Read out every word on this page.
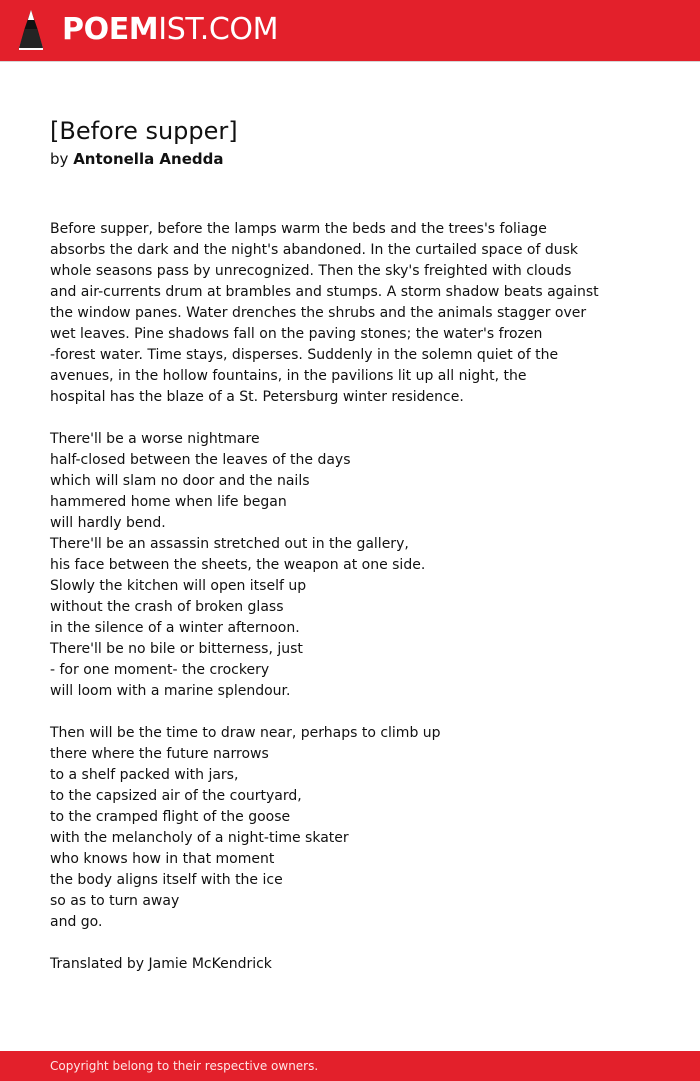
POEMIST.COM
[Before supper]

by Antonella Anedda

Before supper, before the lamps warm the beds and the trees's foliage
absorbs the dark and the night's abandoned. In the curtailed space of dusk
whole seasons pass by unrecognized. Then the sky's freighted with clouds
and air-currents drum at brambles and stumps. A storm shadow beats against
the window panes. Water drenches the shrubs and the animals stagger over
wet leaves. Pine shadows fall on the paving stones; the water's frozen
-forest water. Time stays, disperses. Suddenly in the solemn quiet of the
avenues, in the hollow fountains, in the pavilions lit up all night, the
hospital has the blaze of a St. Petersburg winter residence.
There'll be a worse nightmare
half-closed between the leaves of the days
which will slam no door and the nails
hammered home when life began
will hardly bend.
There'll be an assassin stretched out in the gallery,
his face between the sheets, the weapon at one side.
Slowly the kitchen will open itself up
without the crash of broken glass
in the silence of a winter afternoon.
There'll be no bile or bitterness, just
- for one moment- the crockery
will loom with a marine splendour.
Then will be the time to draw near, perhaps to climb up
there where the future narrows
to a shelf packed with jars,
to the capsized air of the courtyard,
to the cramped flight of the goose
with the melancholy of a night-time skater
who knows how in that moment
the body aligns itself with the ice
so as to turn away
and go.

Translated by Jamie McKendrick

Copyright belong to their respective owners.
